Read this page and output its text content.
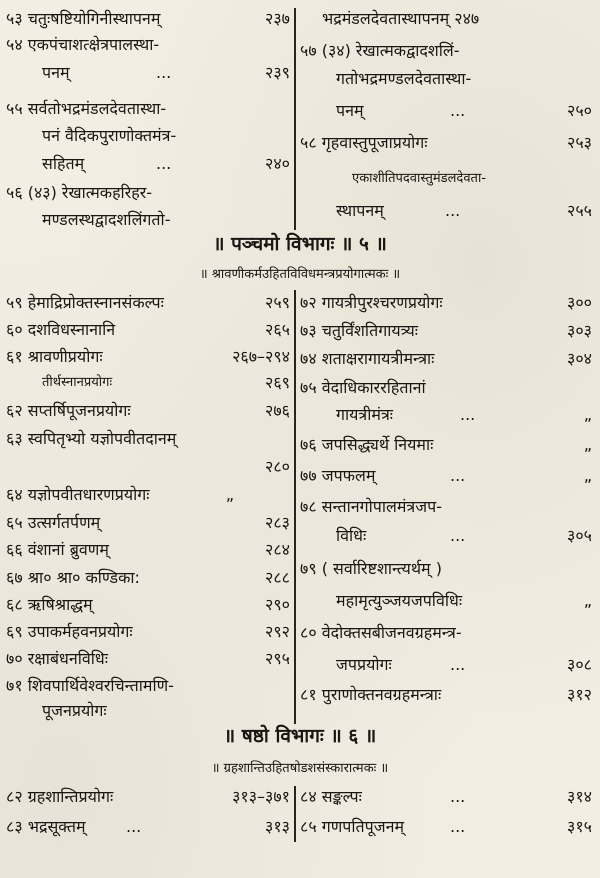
५३ चतुःषष्टियोगिनीस्थापनम्	२३७
५४ एकपंचाशत्क्षेत्रपालस्था-
पनम्	...	२३९
५५ सर्वतोभद्रमंडलदेवतास्था-
पनं वैदिकपुराणोक्तमंत्र-
सहितम्	...	२४०
५६ (४३) रेखात्मकहरिहर-
मण्डलस्थद्वादशलिंगतो-
भद्रमंडलदेवतास्थापनम् २४७
५७ (३४) रेखात्मकद्वादशलिं-
गतोभद्रमण्डलदेवतास्था-
पनम्	...	२५०
५८ गृहवास्तुपूजाप्रयोगः	२५३
एकाशीतिपदवास्तुमंडलदेवता-
स्थापनम्	...	२५५
॥ पञ्चमो विभागः ॥ ५ ॥
॥ श्रावणीकर्मउहितविविधमन्त्रप्रयोगात्मकः ॥
५९ हेमाद्रिप्रोक्तस्नानसंकल्पः	२५९
६० दशविधस्नानानि	२६५
६१ श्रावणीप्रयोगः	२६७–२९४
तीर्थस्नानप्रयोगः	२६९
६२ सप्तर्षिपूजनप्रयोगः	२७६
६३ स्वपितृभ्यो यज्ञोपवीतदानम्
२८०
६४ यज्ञोपवीतधारणप्रयोगः	„
६५ उत्सर्गतर्पणम्	२८३
६६ वंशानां ब्रुवणम्	२८४
६७ श्रा० श्रा० कण्डिका:	२८८
६८ ऋषिश्राद्धम्	२९०
६९ उपाकर्महवनप्रयोगः	२९२
७० रक्षाबंधनविधिः	२९५
७१ शिवपार्थिवेश्वरचिन्तामणि-
पूजनप्रयोगः
७२ गायत्रीपुरश्चरणप्रयोगः	३००
७३ चतुर्विंशतिगायत्र्यः	३०३
७४ शताक्षरागायत्रीमन्त्राः	३०४
७५ वेदाधिकाररहितानां
गायत्रीमंत्रः	...	„
७६ जपसिद्ध्यर्थे नियमाः	„
७७ जपफलम्	...	„
७८ सन्तानगोपालमंत्रजप-
विधिः	...	३०५
७९ ( सर्वारिष्टशान्त्यर्थम् )
महामृत्युञ्जयजपविधिः	„
८० वेदोक्तसबीजनवग्रहमन्त्र-
जपप्रयोगः	...	३०८
८१ पुराणोक्तनवग्रहमन्त्राः	३१२
॥ षष्ठो विभागः ॥ ६ ॥
॥ ग्रहशान्तिउहितषोडशसंस्कारात्मकः ॥
८२ ग्रहशान्तिप्रयोगः	३१३–३७१
८३ भद्रसूक्तम्	...	३१३
८४ सङ्कल्पः	...	३१४
८५ गणपतिपूजनम्	...	३१५
